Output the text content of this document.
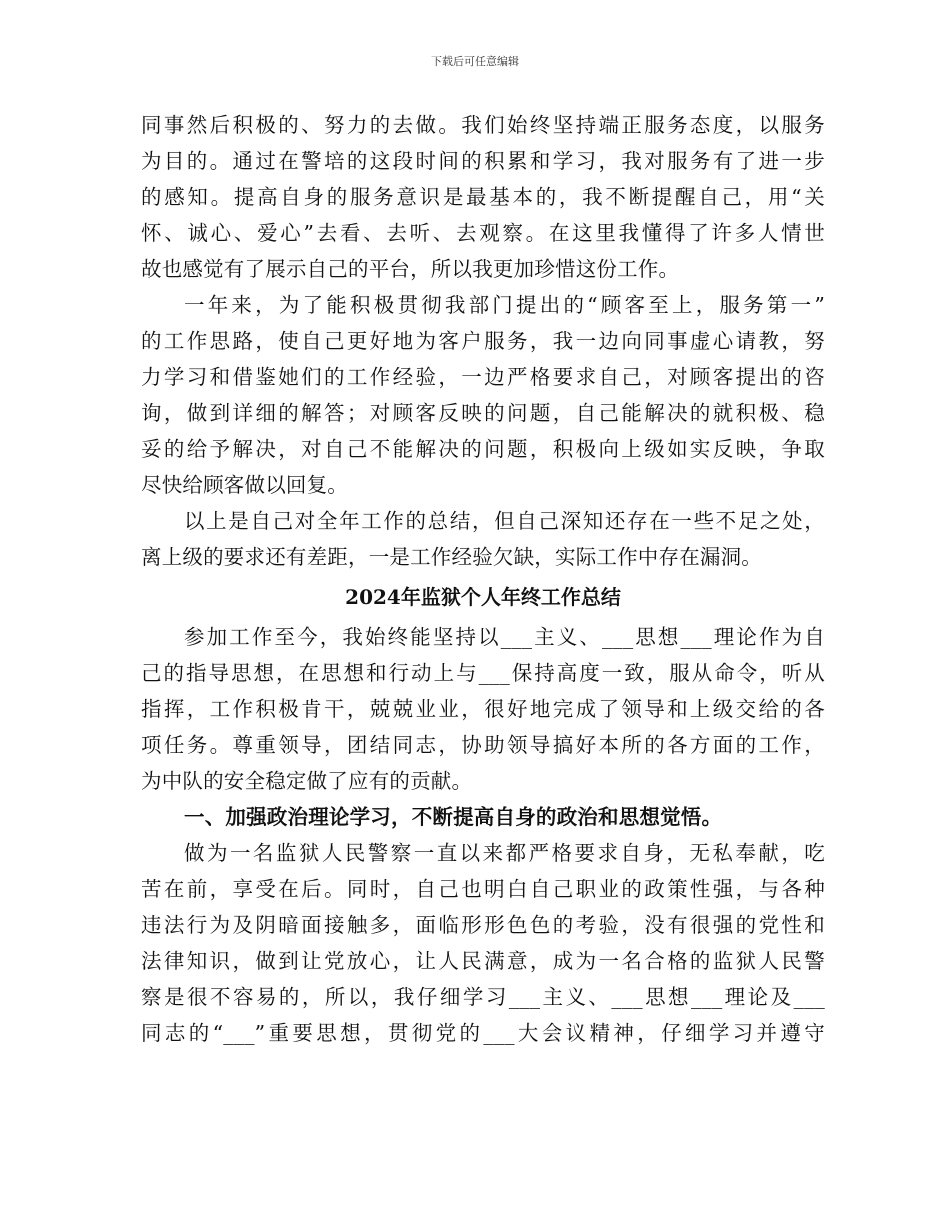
下载后可任意编辑
同事然后积极的、努力的去做。我们始终坚持端正服务态度，以服务
为目的。通过在警培的这段时间的积累和学习，我对服务有了进一步
的感知。提高自身的服务意识是最基本的，我不断提醒自己，用“关
怀、诚心、爱心”去看、去听、去观察。在这里我懂得了许多人情世
故也感觉有了展示自己的平台，所以我更加珍惜这份工作。
一年来，为了能积极贯彻我部门提出的“顾客至上，服务第一”
的工作思路，使自己更好地为客户服务，我一边向同事虚心请教，努
力学习和借鉴她们的工作经验，一边严格要求自己，对顾客提出的咨
询，做到详细的解答；对顾客反映的问题，自己能解决的就积极、稳
妥的给予解决，对自己不能解决的问题，积极向上级如实反映，争取
尽快给顾客做以回复。
以上是自己对全年工作的总结，但自己深知还存在一些不足之处，
离上级的要求还有差距，一是工作经验欠缺，实际工作中存在漏洞。
2024年监狱个人年终工作总结
参加工作至今，我始终能坚持以___主义、___思想___理论作为自
己的指导思想，在思想和行动上与___保持高度一致，服从命令，听从
指挥，工作积极肯干，兢兢业业，很好地完成了领导和上级交给的各
项任务。尊重领导，团结同志，协助领导搞好本所的各方面的工作，
为中队的安全稳定做了应有的贡献。
一、加强政治理论学习，不断提高自身的政治和思想觉悟。
做为一名监狱人民警察一直以来都严格要求自身，无私奉献，吃
苦在前，享受在后。同时，自己也明白自己职业的政策性强，与各种
违法行为及阴暗面接触多，面临形形色色的考验，没有很强的党性和
法律知识，做到让党放心，让人民满意，成为一名合格的监狱人民警
察是很不容易的，所以，我仔细学习___主义、___思想___理论及___
同志的“___”重要思想，贯彻党的___大会议精神，仔细学习并遵守
